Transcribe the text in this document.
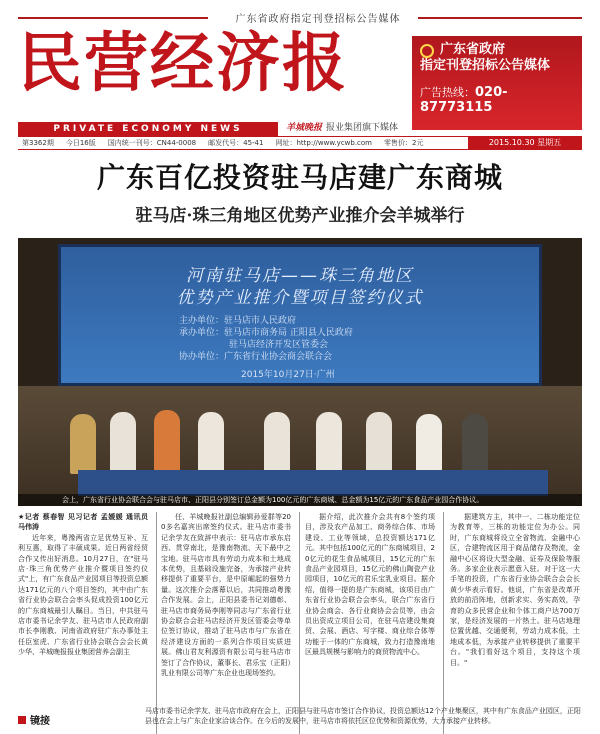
广东省政府指定刊登招标公告媒体
民营经济报
PRIVATE ECONOMY NEWS	羊城晚报 报业集团旗下媒体
广东省政府
指定刊登招标公告媒体
广告热线：020-87773115
第3362期 今日16版 国内统一刊号：CN44-0008 邮发代号：45-41 网址：http://www.ycwb.com 零售价：2元	2015.10.30 星期五
广东百亿投资驻马店建广东商城
驻马店·珠三角地区优势产业推介会羊城举行
河南驻马店——珠三角地区
优势产业推介暨项目签约仪式
主办单位：驻马店市人民政府
承办单位：驻马店市商务局 正阳县人民政府
驻马店经济开发区管委会
协办单位：广东省行业协会商会联合会
2015年10月27日·广州
会上，广东省行业协会联合会与驻马店市、正阳县分别签订总金额为100亿元的广东商城、总金额为15亿元的广东食品产业园合作协议。
★记者 蔡春智 见习记者 孟媛媛 通讯员 马伟涛

近年来，粤豫两省立足优势互补、互利互惠，取得了丰硕成果。近日两省经贸合作又传出好消息。10月27日，在"驻马店·珠三角优势产业推介暨项目签约仪式"上，有广东食品产业园项目等投资总额达171亿元的八个项目签约，其中由广东省行业协会联合会率头促成投资100亿元的广东商城最引人瞩目。当日，中共驻马店市委书记余学友、驻马店市人民政府副市长李刚教、河南省政府驻广东办事处主任臣室虎、广东省行业协会联合会会长黄少华、羊城晚报报业集团营养会副主

任、羊城晚报社副总编辑孙爱群等200多名嘉宾出席签约仪式。驻马店市委书记余学友在致辞中表示：驻马店市承东启西、贯穿南北，是豫南物流、天下最中之宝地。驻马店市具有劳动力成本和土地成本优势，且基础设施完备，为承接产业转移提供了重要平台，是中原崛起的强势力量。这次推介会落幕以后，共同推动粤豫合作发展。会上，正阳县委书记刘德彰、驻马店市商务局李刚等同志与广东省行业协会联合会驻马店经济开发区管委会等单位签订协议，推动了驻马店市与广东省在经济建设方面的一系列合作项目实质进展。佛山君友利源资有限公司与驻马店市签订了合作协议，董事长、君乐宝（正阳）乳业有限公司等广东企业也现场签约。

据介绍，此次推介会共有8个签约项目，涉及农产品加工、商务综合体、市场建设、工业等领域，总投资额达171亿元。其中包括100亿元的广东商城项目，20亿元的花生食品城项目，15亿元的广东食品产业园项目，15亿元的佛山陶瓷产业园项目，10亿元的君乐宝乳业项目。据介绍，值得一提的是广东商城，该项目由广东省行业协会联合会率头，联合广东省行业协会商会、各行业商协会会员等，由会员出资成立项目公司，在驻马店建设集商贸、会展、酒店、写字楼、商业综合体等功能于一体的广东商城，致力打造豫南地区最具规模与影响力的商贸物流中心。

据建筑方主，其中一、二栋功能定位为教育等，三栋的功能定位为办公。同时，广东商城将设立全省物流、金融中心区，合建物流区用于商品储存及物流，金融中心区将设大型金融、证券及保险等服务。多家企业表示愿意入驻。对于这一大手笔的投资，广东省行业协会联合会会长黄少华表示看好。他说，广东省是改革开放的前沿阵地，创新求实、务实高效，孕育的众多民营企业和个体工商户达700万家，是经济发展的一片热土。驻马店地理位置优越、交通便利，劳动力成本低，土地成本低，为承接产业转移提供了重要平台。"我们看好这个项目，支持这个项目。"

镜接
马店市委书记余学友、驻马店市政府在会上，正阳县与驻马店市签订合作协议，投资总额达12个产业集聚区，其中有广东食品产业园区，正阳县也在会上与广东企业家洽谈合作。在今后的发展中，驻马店市将依托区位优势和资源优势，大力承接产业转移。
